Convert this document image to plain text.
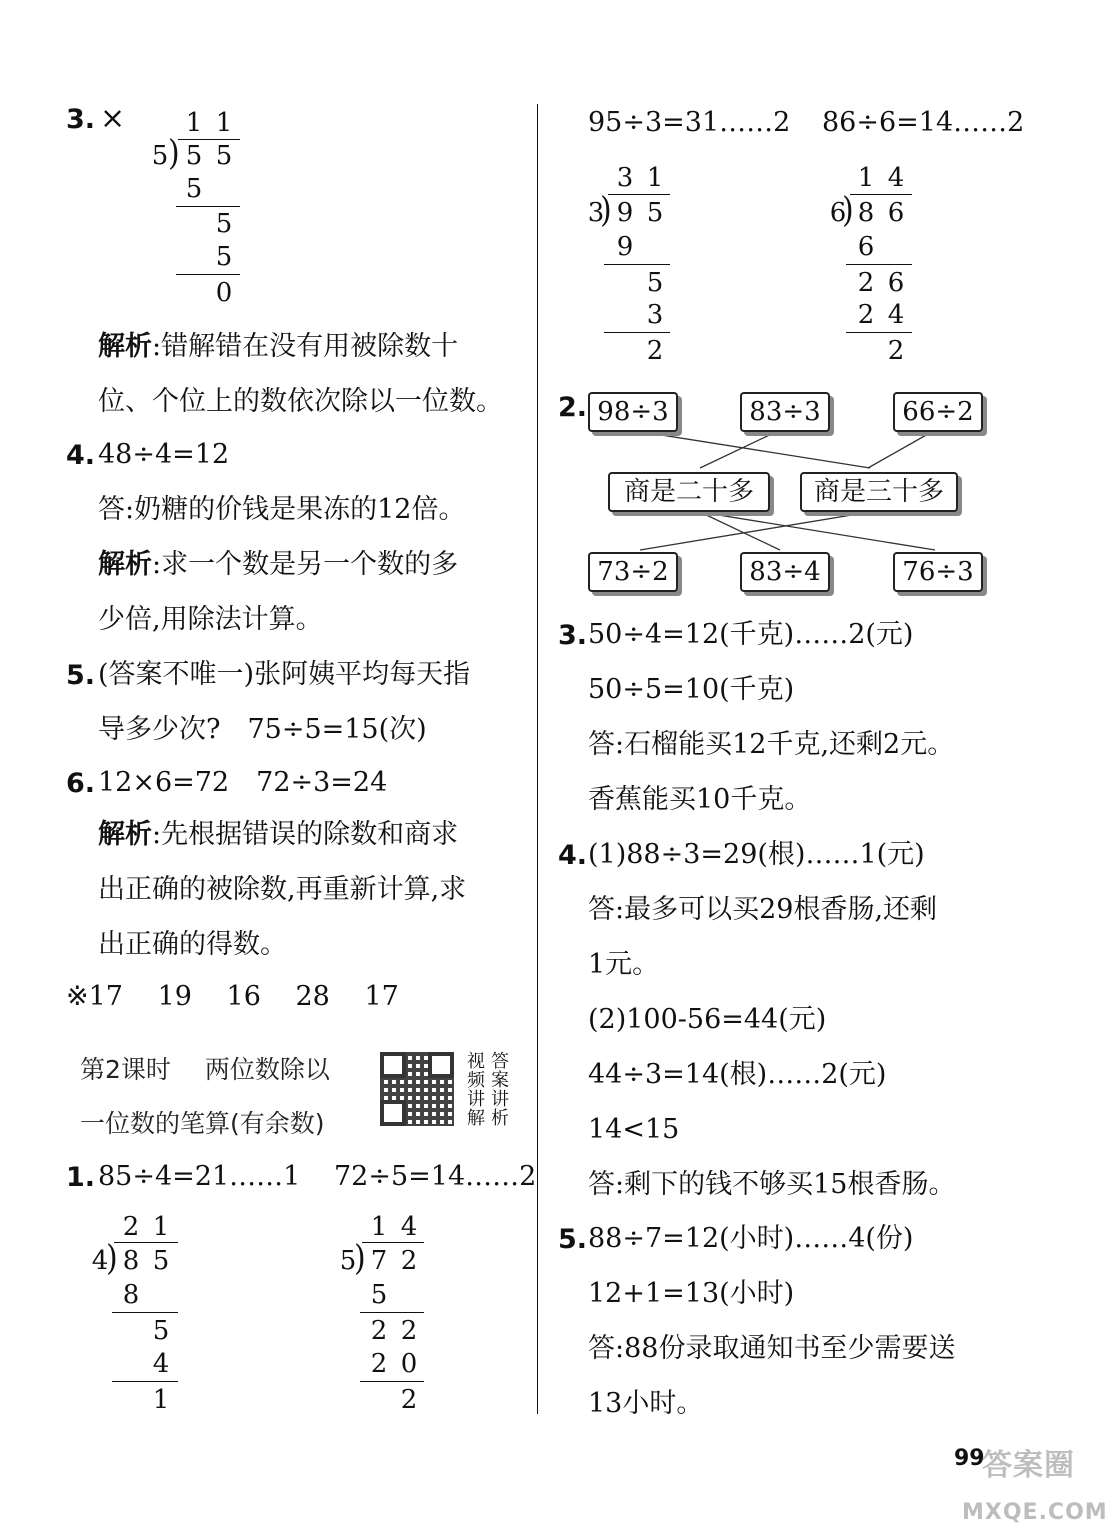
3. × 1 1
5 ) 5 5
5
5
5
0
解析:错解错在没有用被除数十
位、个位上的数依次除以一位数。
4. 48÷4=12
答:奶糖的价钱是果冻的12倍。
解析:求一个数是另一个数的多
少倍,用除法计算。
5. (答案不唯一)张阿姨平均每天指
导多少次?　75÷5=15(次)
6. 12×6=72　72÷3=24
解析:先根据错误的除数和商求
出正确的被除数,再重新计算,求
出正确的得数。
※17 19 16 28 17
第2课时 两位数除以
一位数的笔算(有余数)
视
频
讲
解
答
案
讲
析
1. 85÷4=21……1 72÷5=14……2
2 1
4
) 8 5
8
5
4
1
1 4
5
) 7 2
5
2 2
2 0
2
95÷3=31……2 86÷6=14……2
3 1
3
) 9 5
9
5
3
2
1 4
6
) 8 6
6
2 6
2 4
2
2. 98÷3	83÷3	66÷2
商是二十多	商是三十多
73÷2	83÷4	76÷3
3. 50÷4=12(千克)……2(元)
50÷5=10(千克)
答:石榴能买12千克,还剩2元。
香蕉能买10千克。
4. (1)88÷3=29(根)……1(元)
答:最多可以买29根香肠,还剩
1元。
(2)100-56=44(元)
44÷3=14(根)……2(元)
14<15
答:剩下的钱不够买15根香肠。
5. 88÷7=12(小时)……4(份)
12+1=13(小时)
答:88份录取通知书至少需要送
13小时。
99
答案圈
MXQE.COM
